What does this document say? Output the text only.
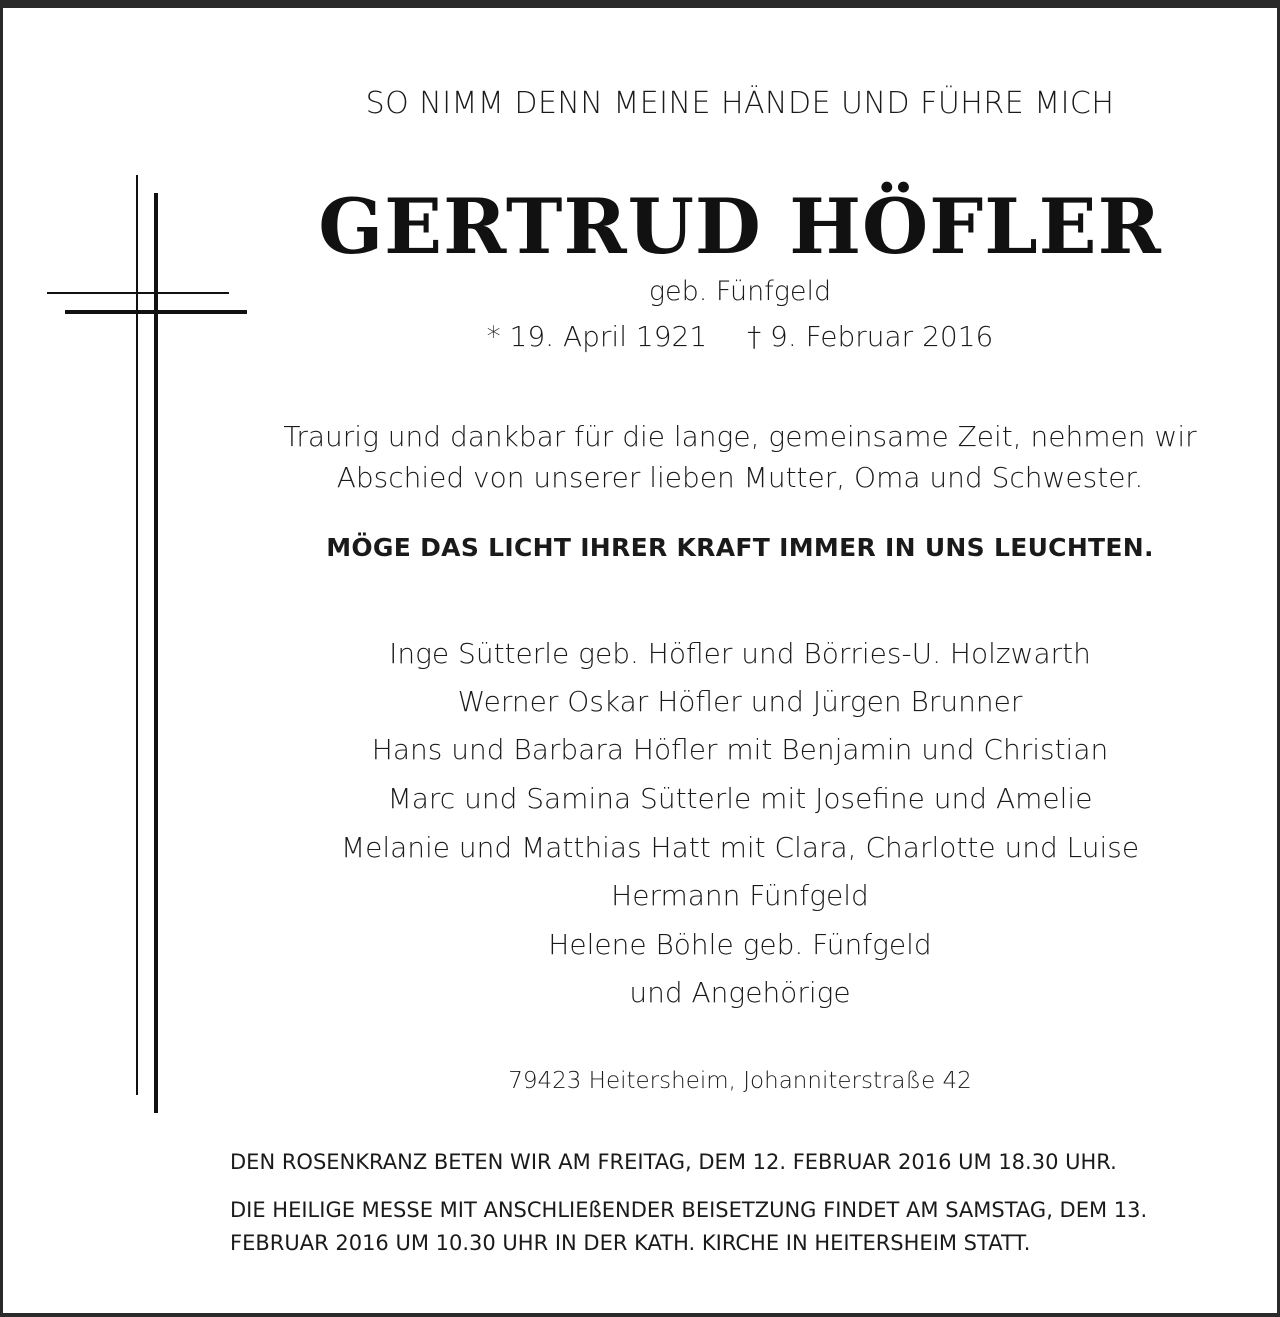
SO NIMM DENN MEINE HÄNDE UND FÜHRE MICH
GERTRUD HÖFLER
geb. Fünfgeld
* 19. April 1921 † 9. Februar 2016
Traurig und dankbar für die lange, gemeinsame Zeit, nehmen wir
Abschied von unserer lieben Mutter, Oma und Schwester.
MÖGE DAS LICHT IHRER KRAFT IMMER IN UNS LEUCHTEN.
Inge Sütterle geb. Höfler und Börries-U. Holzwarth
Werner Oskar Höfler und Jürgen Brunner
Hans und Barbara Höfler mit Benjamin und Christian
Marc und Samina Sütterle mit Josefine und Amelie
Melanie und Matthias Hatt mit Clara, Charlotte und Luise
Hermann Fünfgeld
Helene Böhle geb. Fünfgeld
und Angehörige
79423 Heitersheim, Johanniterstraße 42
DEN ROSENKRANZ BETEN WIR AM FREITAG, DEM 12. FEBRUAR 2016 UM 18.30 UHR.
DIE HEILIGE MESSE MIT ANSCHLIEßENDER BEISETZUNG FINDET AM SAMSTAG, DEM 13. FEBRUAR 2016 UM 10.30 UHR IN DER KATH. KIRCHE IN HEITERSHEIM STATT.
